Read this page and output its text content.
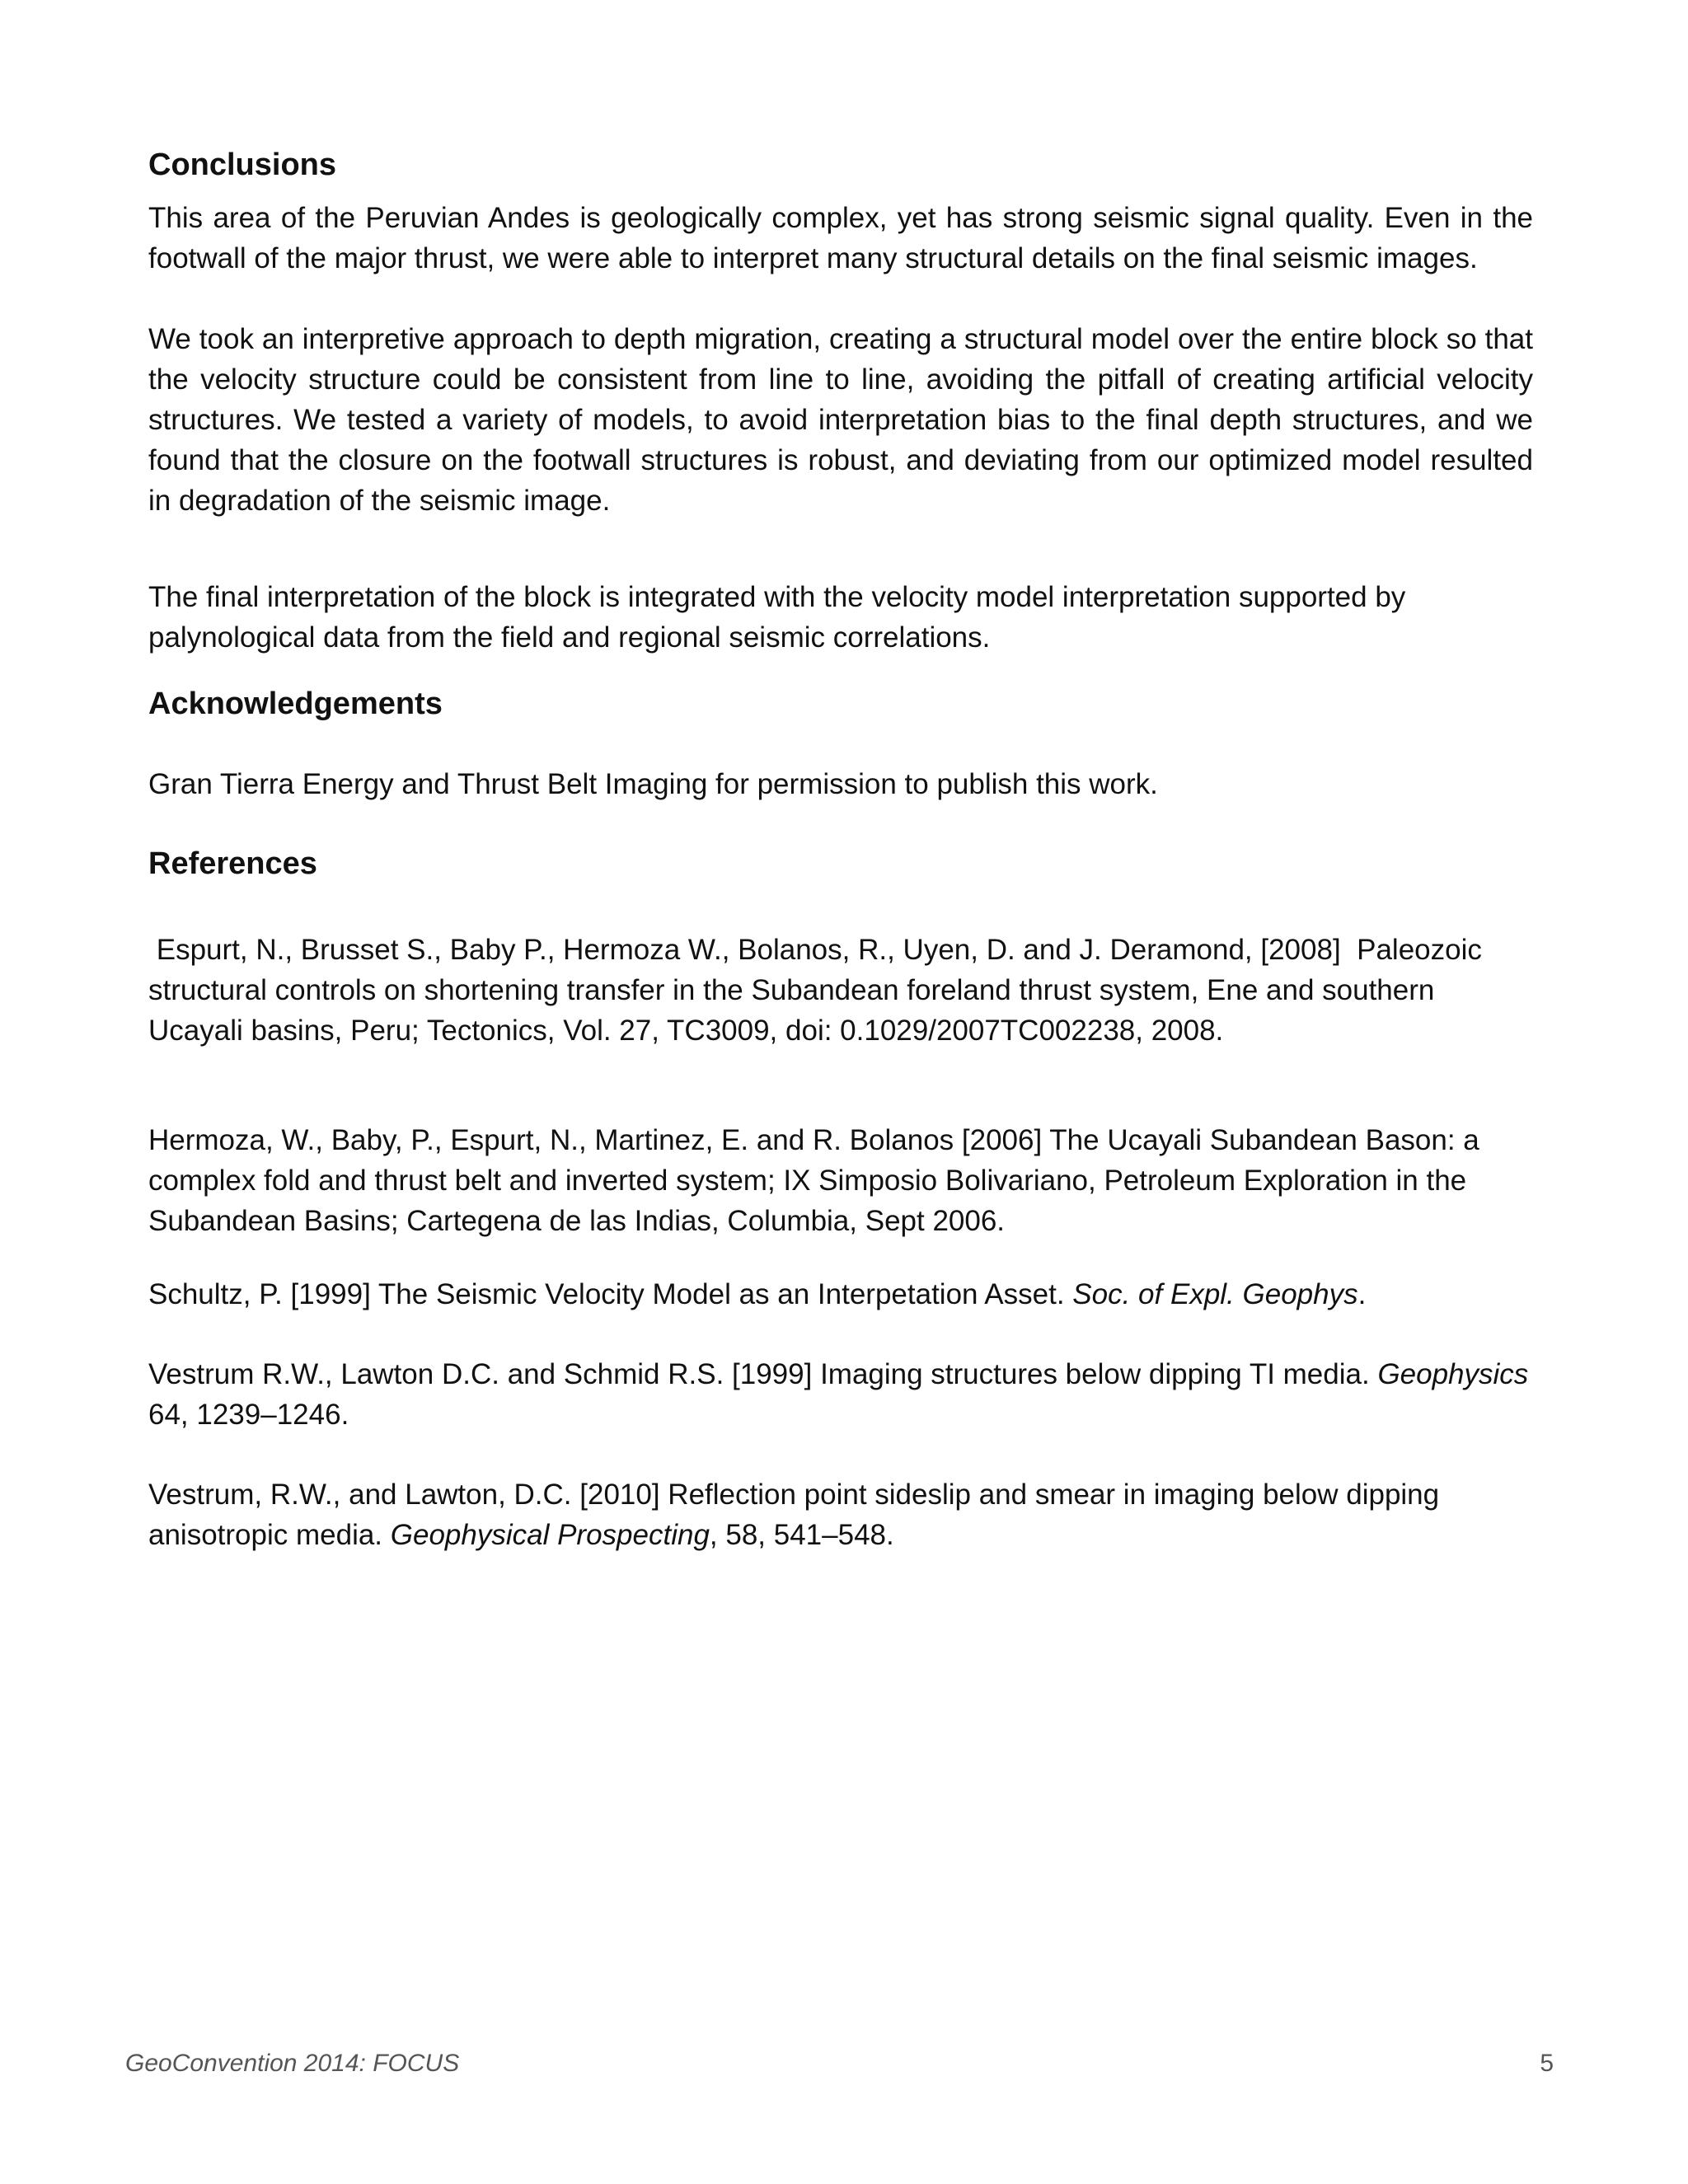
Conclusions

This area of the Peruvian Andes is geologically complex, yet has strong seismic signal quality. Even in the footwall of the major thrust, we were able to interpret many structural details on the final seismic images.

We took an interpretive approach to depth migration, creating a structural model over the entire block so that the velocity structure could be consistent from line to line, avoiding the pitfall of creating artificial velocity structures. We tested a variety of models, to avoid interpretation bias to the final depth structures, and we found that the closure on the footwall structures is robust, and deviating from our optimized model resulted in degradation of the seismic image.

The final interpretation of the block is integrated with the velocity model interpretation supported by palynological data from the field and regional seismic correlations.

Acknowledgements

Gran Tierra Energy and Thrust Belt Imaging for permission to publish this work.

References

Espurt, N., Brusset S., Baby P., Hermoza W., Bolanos, R., Uyen, D. and J. Deramond, [2008]  Paleozoic structural controls on shortening transfer in the Subandean foreland thrust system, Ene and southern Ucayali basins, Peru; Tectonics, Vol. 27, TC3009, doi: 0.1029/2007TC002238, 2008.

Hermoza, W., Baby, P., Espurt, N., Martinez, E. and R. Bolanos [2006] The Ucayali Subandean Bason: a complex fold and thrust belt and inverted system; IX Simposio Bolivariano, Petroleum Exploration in the Subandean Basins; Cartegena de las Indias, Columbia, Sept 2006.

Schultz, P. [1999] The Seismic Velocity Model as an Interpetation Asset. Soc. of Expl. Geophys.

Vestrum R.W., Lawton D.C. and Schmid R.S. [1999] Imaging structures below dipping TI media. Geophysics 64, 1239–1246.

Vestrum, R.W., and Lawton, D.C. [2010] Reflection point sideslip and smear in imaging below dipping anisotropic media. Geophysical Prospecting, 58, 541–548.

GeoConvention 2014: FOCUS	5
